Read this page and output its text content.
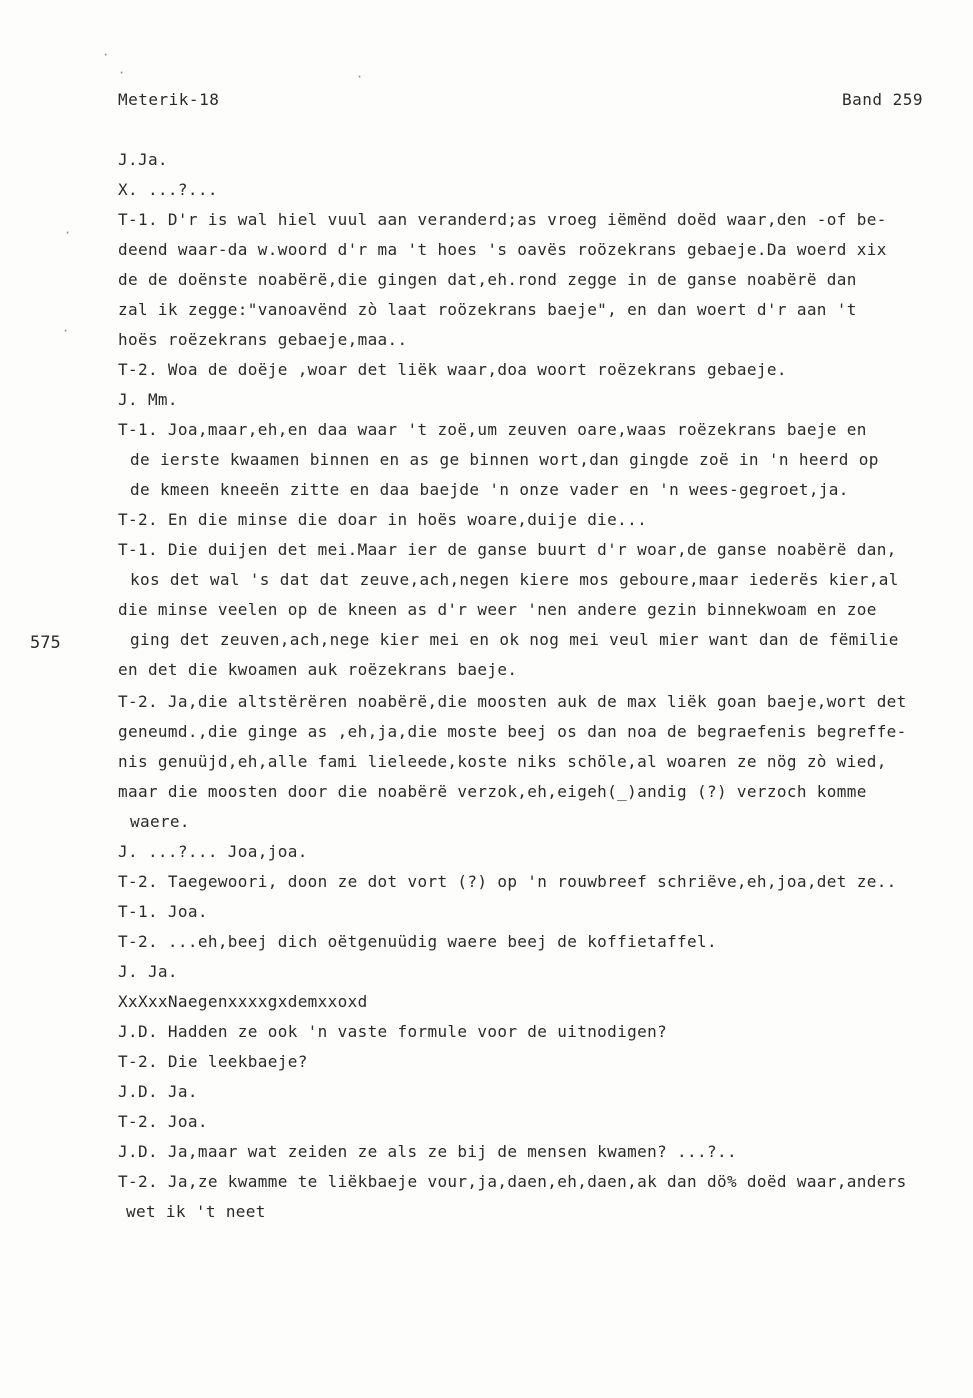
Meterik-18	Band 259
575
·
·	·
·
·
J.Ja.
X. ...?...
T-1. D'r is wal hiel vuul aan veranderd;as vroeg iëmënd doëd waar,den -of be-
deend waar-da w.woord d'r ma 't hoes 's oavës roözekrans gebaeje.Da woerd xix
de de doënste noabërë,die gingen dat,eh.rond zegge in de ganse noabërë dan
zal ik zegge:"vanoavënd zò laat roözekrans baeje", en dan woert d'r aan 't
hoës roëzekrans gebaeje,maa..
T-2. Woa de doëje ,woar det liëk waar,doa woort roëzekrans gebaeje.
J. Mm.
T-1. Joa,maar,eh,en daa waar 't zoë,um zeuven oare,waas roëzekrans baeje en
de ierste kwaamen binnen en as ge binnen wort,dan gingde zoë in 'n heerd op
de kmeen kneeën zitte en daa baejde 'n onze vader en 'n wees-gegroet,ja.
T-2. En die minse die doar in hoës woare,duije die...
T-1. Die duijen det mei.Maar ier de ganse buurt d'r woar,de ganse noabërë dan,
kos det wal 's dat dat zeuve,ach,negen kiere mos geboure,maar iederës kier,al
die minse veelen op de kneen as d'r weer 'nen andere gezin binnekwoam en zoe
ging det zeuven,ach,nege kier mei en ok nog mei veul mier want dan de fëmilie
en det die kwoamen auk roëzekrans baeje.
T-2. Ja,die altstërëren noabërë,die moosten auk de max liëk goan baeje,wort det
geneumd.,die ginge as ,eh,ja,die moste beej os dan noa de begraefenis begreffe-
nis genuüjd,eh,alle fami lieleede,koste niks schöle,al woaren ze nög zò wied,
maar die moosten door die noabërë verzok,eh,eigeh(_)andig (?) verzoch komme
waere.
J. ...?... Joa,joa.
T-2. Taegewoori, doon ze dot vort (?) op 'n rouwbreef schriëve,eh,joa,det ze..
T-1. Joa.
T-2. ...eh,beej dich oëtgenuüdig waere beej de koffietaffel.
J. Ja.
XxXxxNaegenxxxxgxdemxxoxd
J.D. Hadden ze ook 'n vaste formule voor de uitnodigen?
T-2. Die leekbaeje?
J.D. Ja.
T-2. Joa.
J.D. Ja,maar wat zeiden ze als ze bij de mensen kwamen? ...?..
T-2. Ja,ze kwamme te liëkbaeje vour,ja,daen,eh,daen,ak dan dö% doëd waar,anders
wet ik 't neet
